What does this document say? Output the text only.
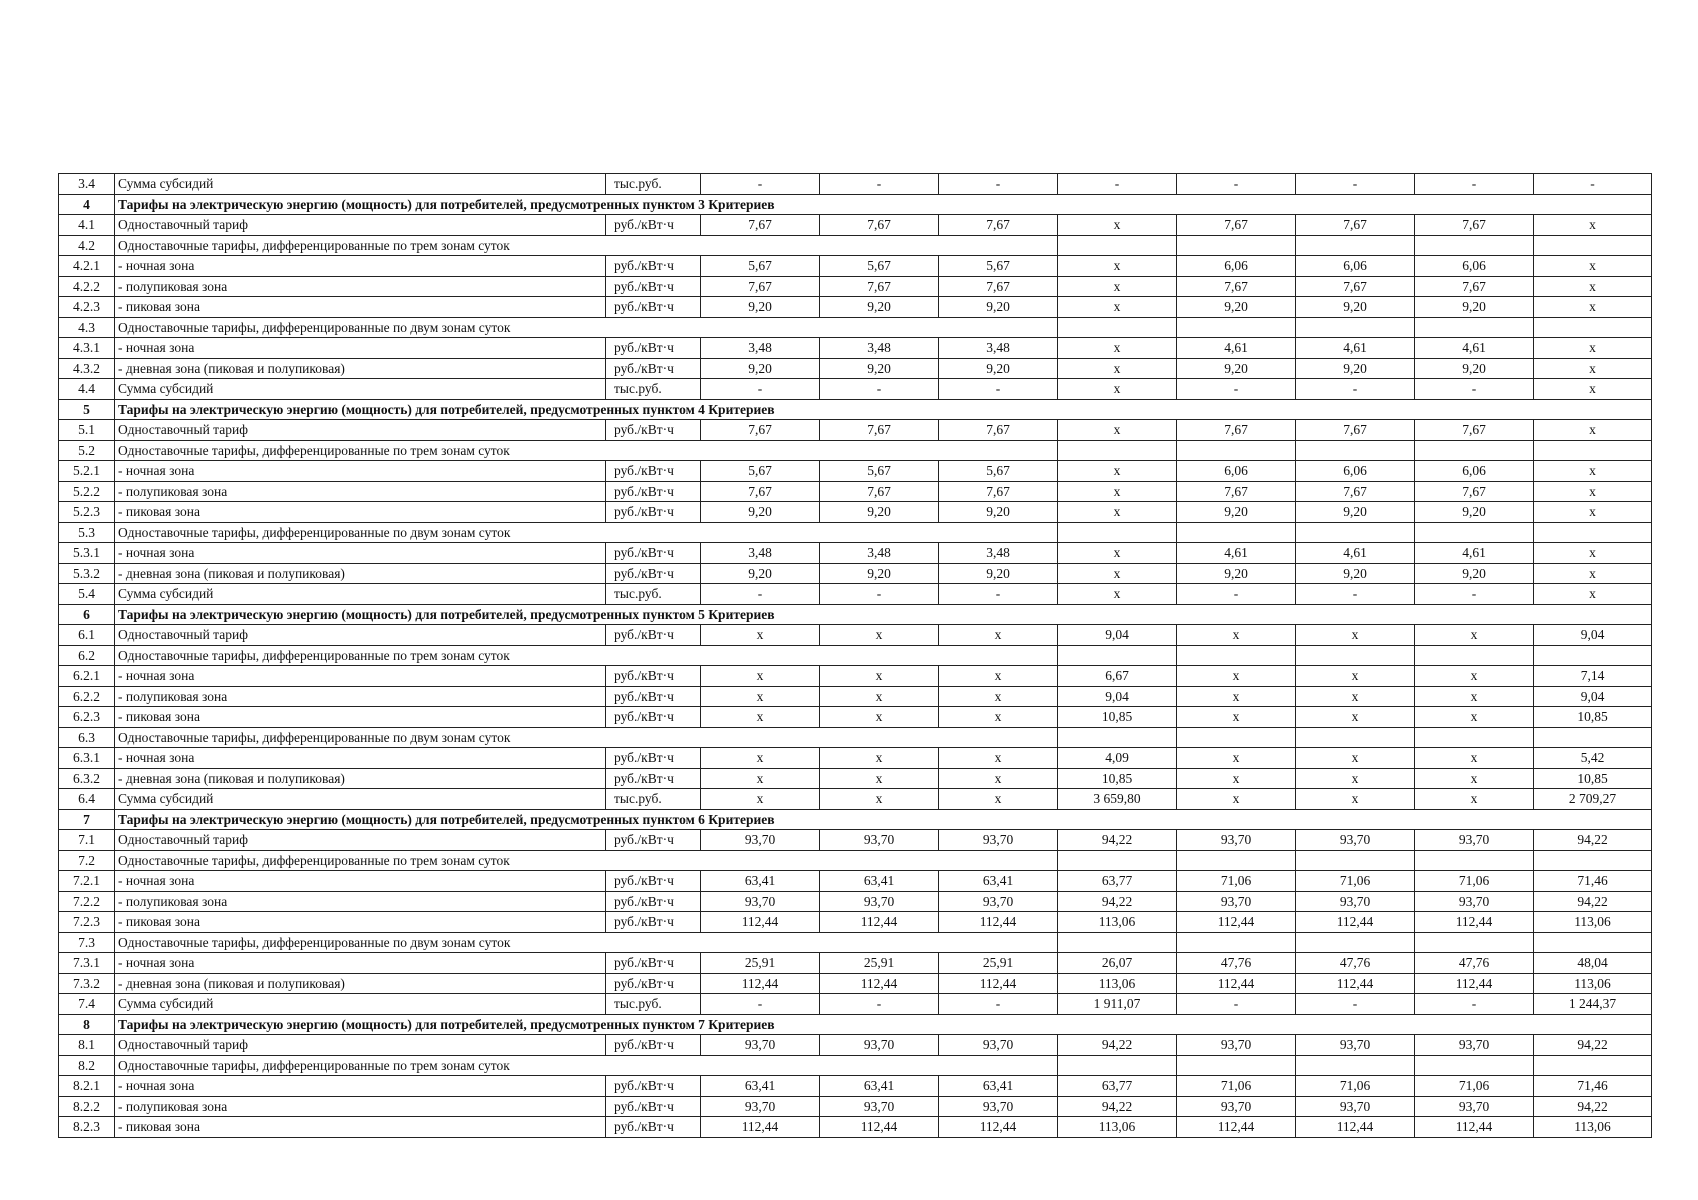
3.4	Сумма субсидий	тыс.руб.	-	-	-	-	-	-	-	-
4	Тарифы на электрическую энергию (мощность) для потребителей, предусмотренных пунктом 3 Критериев									
4.1	Одноставочный тариф	руб./кВт·ч	7,67	7,67	7,67	х	7,67	7,67	7,67	х
4.2	Одноставочные тарифы, дифференцированные по трем зонам суток									
4.2.1	- ночная зона	руб./кВт·ч	5,67	5,67	5,67	х	6,06	6,06	6,06	х
4.2.2	- полупиковая зона	руб./кВт·ч	7,67	7,67	7,67	х	7,67	7,67	7,67	х
4.2.3	- пиковая зона	руб./кВт·ч	9,20	9,20	9,20	х	9,20	9,20	9,20	х
4.3	Одноставочные тарифы, дифференцированные по двум зонам суток									
4.3.1	- ночная зона	руб./кВт·ч	3,48	3,48	3,48	х	4,61	4,61	4,61	х
4.3.2	- дневная зона (пиковая и полупиковая)	руб./кВт·ч	9,20	9,20	9,20	х	9,20	9,20	9,20	х
4.4	Сумма субсидий	тыс.руб.	-	-	-	х	-	-	-	х
5	Тарифы на электрическую энергию (мощность) для потребителей, предусмотренных пунктом 4 Критериев									
5.1	Одноставочный тариф	руб./кВт·ч	7,67	7,67	7,67	х	7,67	7,67	7,67	х
5.2	Одноставочные тарифы, дифференцированные по трем зонам суток									
5.2.1	- ночная зона	руб./кВт·ч	5,67	5,67	5,67	х	6,06	6,06	6,06	х
5.2.2	- полупиковая зона	руб./кВт·ч	7,67	7,67	7,67	х	7,67	7,67	7,67	х
5.2.3	- пиковая зона	руб./кВт·ч	9,20	9,20	9,20	х	9,20	9,20	9,20	х
5.3	Одноставочные тарифы, дифференцированные по двум зонам суток									
5.3.1	- ночная зона	руб./кВт·ч	3,48	3,48	3,48	х	4,61	4,61	4,61	х
5.3.2	- дневная зона (пиковая и полупиковая)	руб./кВт·ч	9,20	9,20	9,20	х	9,20	9,20	9,20	х
5.4	Сумма субсидий	тыс.руб.	-	-	-	х	-	-	-	х
6	Тарифы на электрическую энергию (мощность) для потребителей, предусмотренных пунктом 5 Критериев									
6.1	Одноставочный тариф	руб./кВт·ч	х	х	х	9,04	х	х	х	9,04
6.2	Одноставочные тарифы, дифференцированные по трем зонам суток									
6.2.1	- ночная зона	руб./кВт·ч	х	х	х	6,67	х	х	х	7,14
6.2.2	- полупиковая зона	руб./кВт·ч	х	х	х	9,04	х	х	х	9,04
6.2.3	- пиковая зона	руб./кВт·ч	х	х	х	10,85	х	х	х	10,85
6.3	Одноставочные тарифы, дифференцированные по двум зонам суток									
6.3.1	- ночная зона	руб./кВт·ч	х	х	х	4,09	х	х	х	5,42
6.3.2	- дневная зона (пиковая и полупиковая)	руб./кВт·ч	х	х	х	10,85	х	х	х	10,85
6.4	Сумма субсидий	тыс.руб.	х	х	х	3 659,80	х	х	х	2 709,27
7	Тарифы на электрическую энергию (мощность) для потребителей, предусмотренных пунктом 6 Критериев									
7.1	Одноставочный тариф	руб./кВт·ч	93,70	93,70	93,70	94,22	93,70	93,70	93,70	94,22
7.2	Одноставочные тарифы, дифференцированные по трем зонам суток									
7.2.1	- ночная зона	руб./кВт·ч	63,41	63,41	63,41	63,77	71,06	71,06	71,06	71,46
7.2.2	- полупиковая зона	руб./кВт·ч	93,70	93,70	93,70	94,22	93,70	93,70	93,70	94,22
7.2.3	- пиковая зона	руб./кВт·ч	112,44	112,44	112,44	113,06	112,44	112,44	112,44	113,06
7.3	Одноставочные тарифы, дифференцированные по двум зонам суток									
7.3.1	- ночная зона	руб./кВт·ч	25,91	25,91	25,91	26,07	47,76	47,76	47,76	48,04
7.3.2	- дневная зона (пиковая и полупиковая)	руб./кВт·ч	112,44	112,44	112,44	113,06	112,44	112,44	112,44	113,06
7.4	Сумма субсидий	тыс.руб.	-	-	-	1 911,07	-	-	-	1 244,37
8	Тарифы на электрическую энергию (мощность) для потребителей, предусмотренных пунктом 7 Критериев									
8.1	Одноставочный тариф	руб./кВт·ч	93,70	93,70	93,70	94,22	93,70	93,70	93,70	94,22
8.2	Одноставочные тарифы, дифференцированные по трем зонам суток									
8.2.1	- ночная зона	руб./кВт·ч	63,41	63,41	63,41	63,77	71,06	71,06	71,06	71,46
8.2.2	- полупиковая зона	руб./кВт·ч	93,70	93,70	93,70	94,22	93,70	93,70	93,70	94,22
8.2.3	- пиковая зона	руб./кВт·ч	112,44	112,44	112,44	113,06	112,44	112,44	112,44	113,06
